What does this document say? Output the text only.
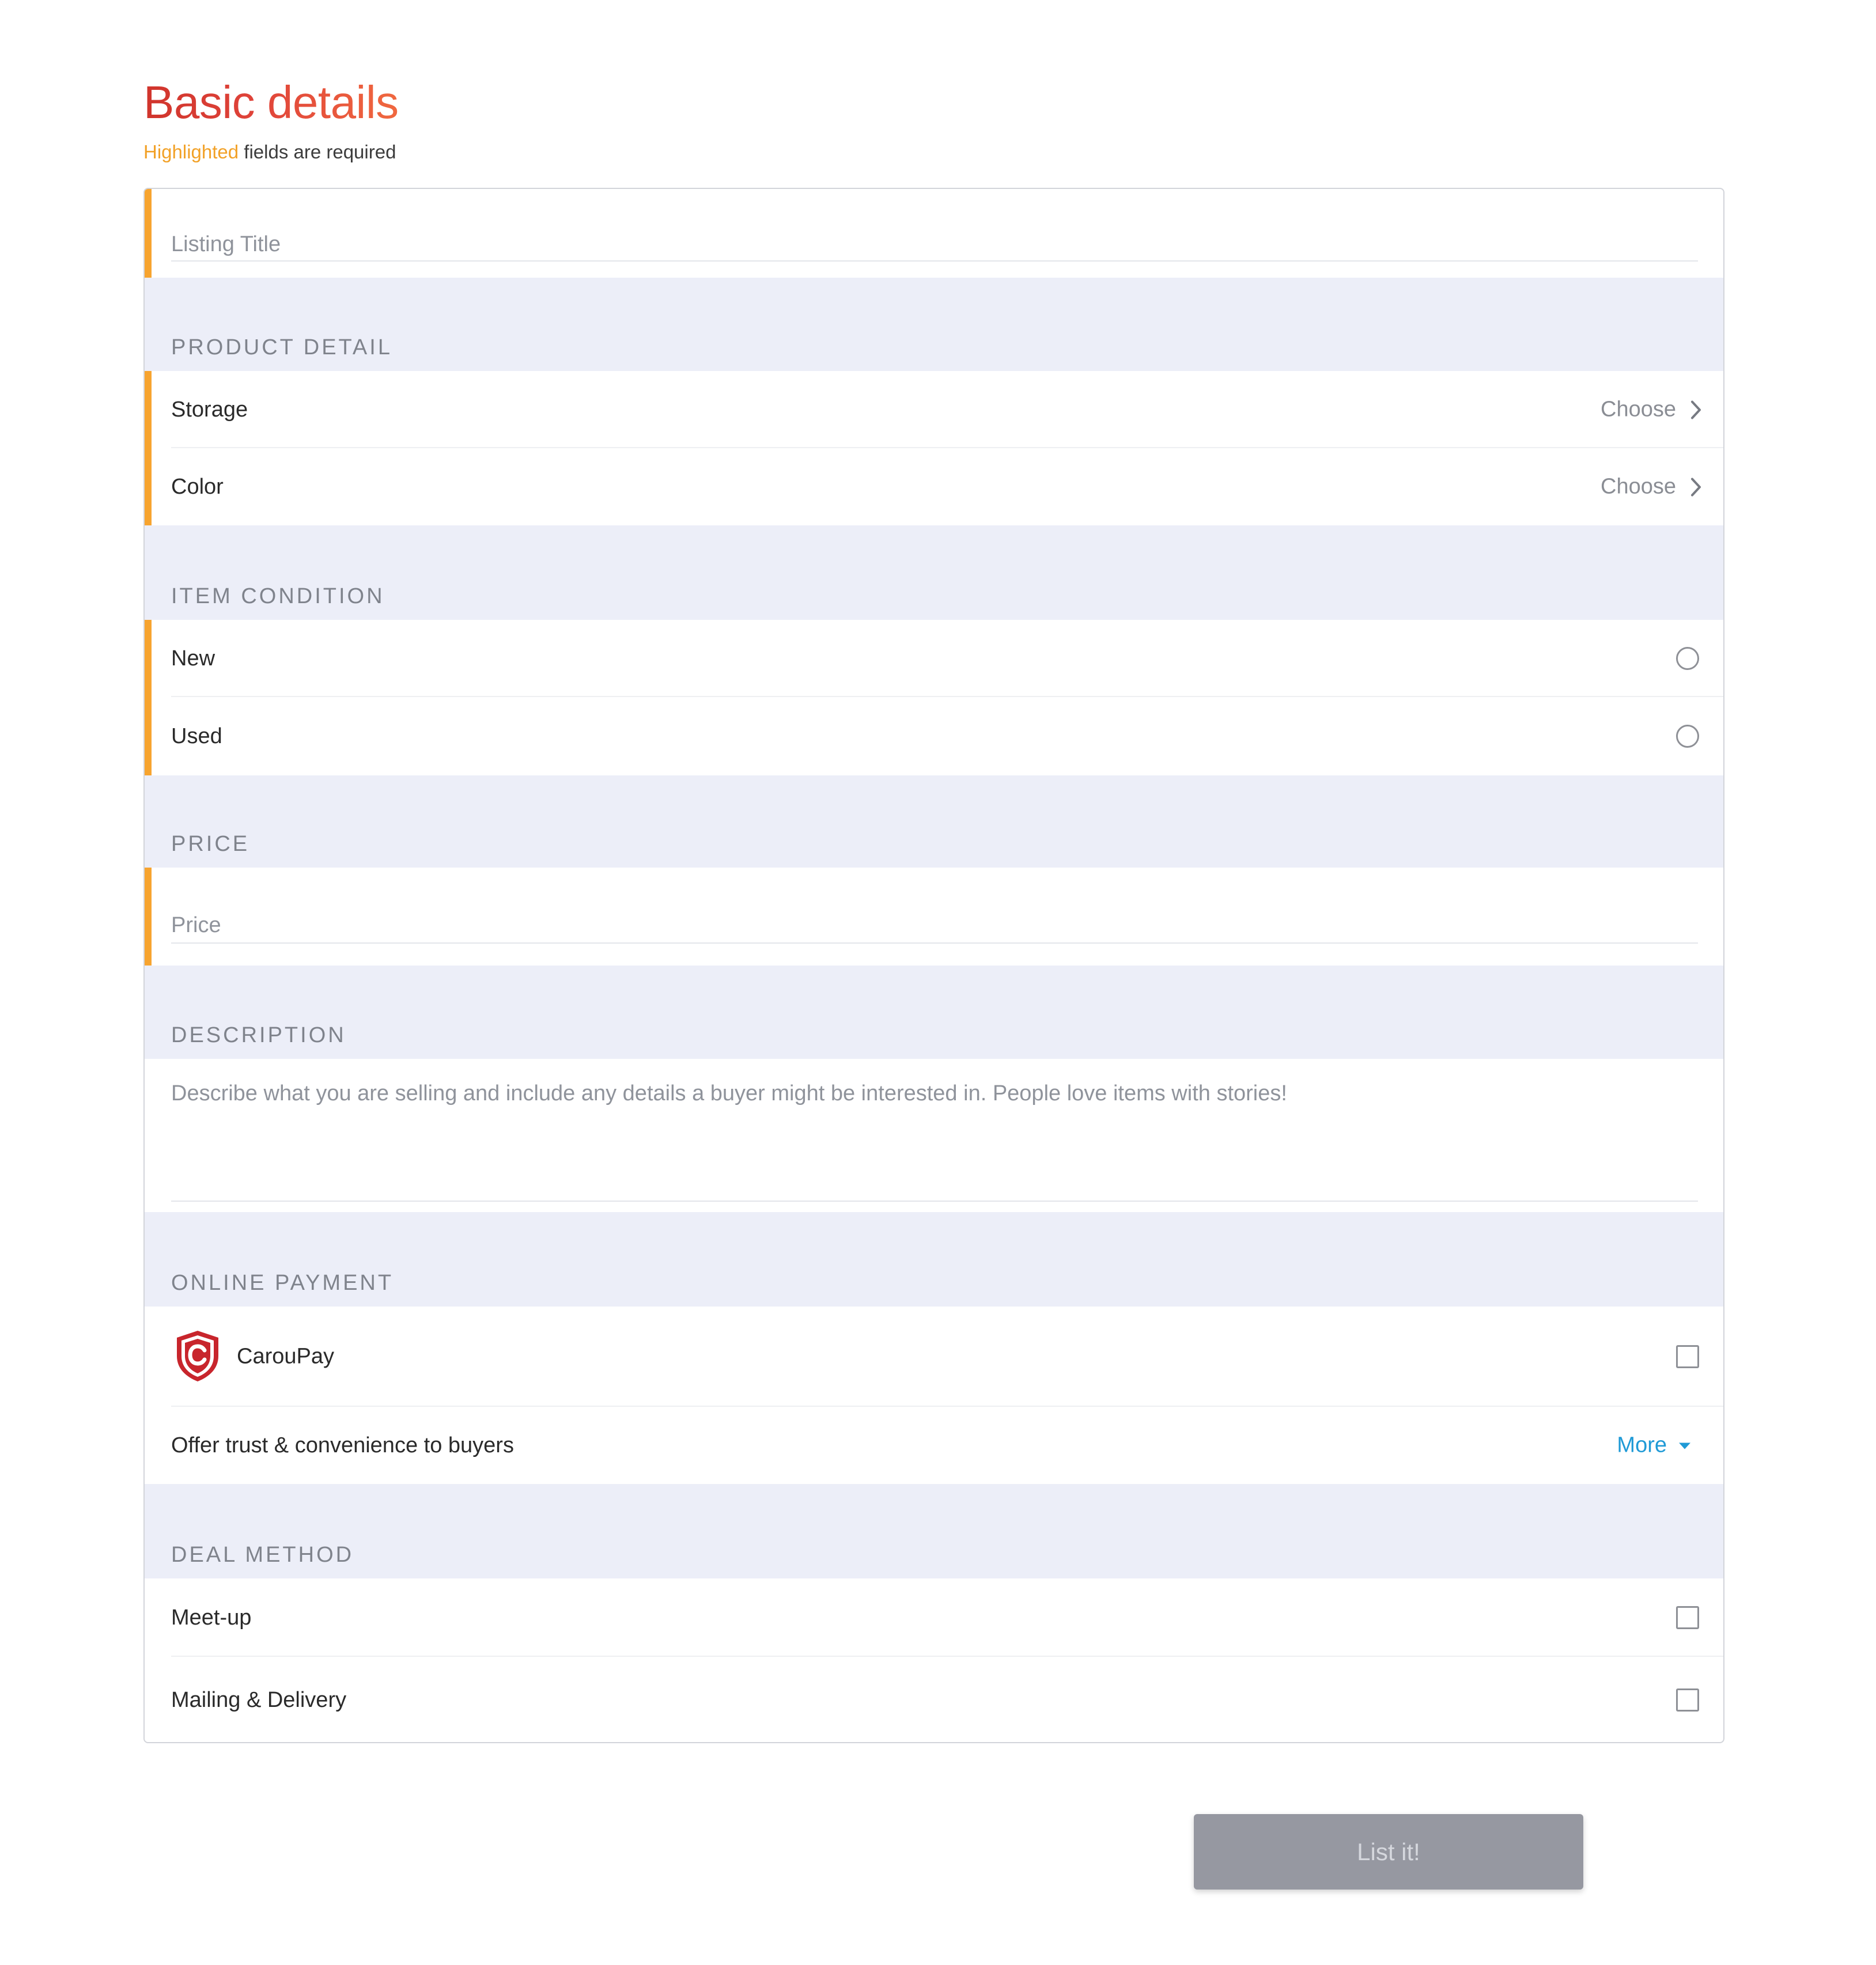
Basic details
Highlighted fields are required
Listing Title
PRODUCT DETAIL
Storage	Choose
Color	Choose
ITEM CONDITION
New
Used
PRICE
Price
DESCRIPTION
Describe what you are selling and include any details a buyer might be interested in. People love items with stories!
ONLINE PAYMENT
CarouPay
Offer trust & convenience to buyers	More
DEAL METHOD
Meet-up
Mailing & Delivery
List it!
